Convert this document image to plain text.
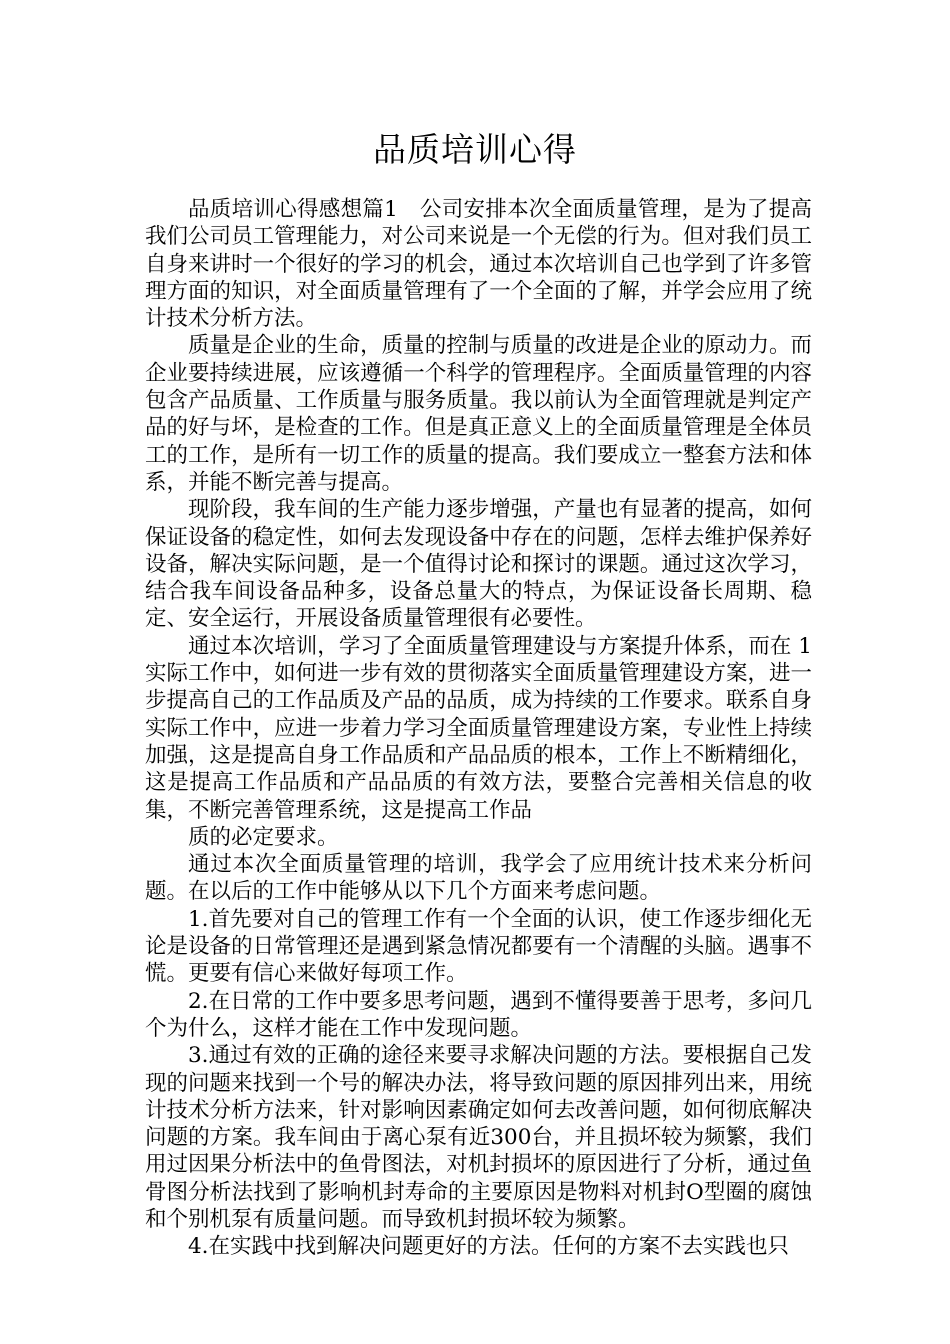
品质培训心得

品质培训心得感想篇1　公司安排本次全面质量管理，是为了提高我们公司员工管理能力，对公司来说是一个无偿的行为。但对我们员工自身来讲时一个很好的学习的机会，通过本次培训自己也学到了许多管理方面的知识，对全面质量管理有了一个全面的了解，并学会应用了统计技术分析方法。

质量是企业的生命，质量的控制与质量的改进是企业的原动力。而企业要持续进展，应该遵循一个科学的管理程序。全面质量管理的内容包含产品质量、工作质量与服务质量。我以前认为全面管理就是判定产品的好与坏，是检查的工作。但是真正意义上的全面质量管理是全体员工的工作，是所有一切工作的质量的提高。我们要成立一整套方法和体系，并能不断完善与提高。

现阶段，我车间的生产能力逐步增强，产量也有显著的提高，如何保证设备的稳定性，如何去发现设备中存在的问题，怎样去维护保养好设备，解决实际问题，是一个值得讨论和探讨的课题。通过这次学习，结合我车间设备品种多，设备总量大的特点，为保证设备长周期、稳定、安全运行，开展设备质量管理很有必要性。

通过本次培训，学习了全面质量管理建设与方案提升体系，而在 1 实际工作中，如何进一步有效的贯彻落实全面质量管理建设方案，进一步提高自己的工作品质及产品的品质，成为持续的工作要求。联系自身实际工作中，应进一步着力学习全面质量管理建设方案，专业性上持续加强，这是提高自身工作品质和产品品质的根本，工作上不断精细化，这是提高工作品质和产品品质的有效方法，要整合完善相关信息的收集，不断完善管理系统，这是提高工作品

质的必定要求。

通过本次全面质量管理的培训，我学会了应用统计技术来分析问题。在以后的工作中能够从以下几个方面来考虑问题。

1.首先要对自己的管理工作有一个全面的认识，使工作逐步细化无论是设备的日常管理还是遇到紧急情况都要有一个清醒的头脑。遇事不慌。更要有信心来做好每项工作。

2.在日常的工作中要多思考问题，遇到不懂得要善于思考，多问几个为什么，这样才能在工作中发现问题。

3.通过有效的正确的途径来要寻求解决问题的方法。要根据自己发现的问题来找到一个号的解决办法，将导致问题的原因排列出来，用统计技术分析方法来，针对影响因素确定如何去改善问题，如何彻底解决问题的方案。我车间由于离心泵有近300台，并且损坏较为频繁，我们用过因果分析法中的鱼骨图法，对机封损坏的原因进行了分析，通过鱼骨图分析法找到了影响机封寿命的主要原因是物料对机封O型圈的腐蚀和个别机泵有质量问题。而导致机封损坏较为频繁。

4.在实践中找到解决问题更好的方法。任何的方案不去实践也只
